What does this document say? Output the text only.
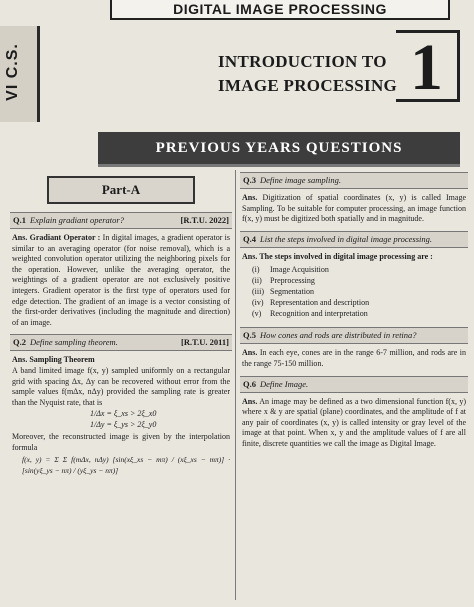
DIGITAL IMAGE PROCESSING
VI C.S.	INTRODUCTION TO
IMAGE PROCESSING 1
PREVIOUS YEARS QUESTIONS
Part-A
Q.1 Explain gradiant operator?	[R.T.U. 2022]
Ans. Gradiant Operator : In digital images, a gradient operator is similar to an averaging operator (for noise removal), which is a weighted convolution operator utilizing the neighboring pixels for the operation. However, unlike the averaging operator, the weightings of a gradient operator are not exclusively positive integers. Gradient operator is the first type of operators used for edge detection. The gradient of an image is a vector consisting of the first-order derivatives (including the magnitude and direction) of an image.
Q.2 Define sampling theorem.	[R.T.U. 2011]
Ans. Sampling Theorem
A band limited image f(x, y) sampled uniformly on a rectangular grid with spacing Δx, Δy can be recovered without error from the sample values f(mΔx, nΔy) provided the sampling rate is greater than the Nyquist rate, that is
1/Δx = ξ_xs > 2ξ_x0
1/Δy = ξ_ys > 2ξ_y0
Moreover, the reconstructed image is given by the interpolation formula
f(x, y) = Σ Σ f(mΔx, nΔy) [sin(xξ_xs − mπ) / (xξ_xs − mπ)] · [sin(yξ_ys − nπ) / (yξ_ys − nπ)]
Q.3 Define image sampling.
Ans. Digitization of spatial coordinates (x, y) is called Image Sampling. To be suitable for computer processing, an image function f(x, y) must be digitized both spatially and in magnitude.
Q.4 List the steps involved in digital image processing.
Ans. The steps involved in digital image processing are :
(i) Image Acquisition
(ii) Preprocessing
(iii) Segmentation
(iv) Representation and description
(v) Recognition and interpretation
Q.5 How cones and rods are distributed in retina?
Ans. In each eye, cones are in the range 6-7 million, and rods are in the range 75-150 million.
Q.6 Define Image.
Ans. An image may be defined as a two dimensional function f(x, y) where x & y are spatial (plane) coordinates, and the amplitude of f at any pair of coordinates (x, y) is called intensity or gray level of the image at that point. When x, y and the amplitude values of f are all finite, discrete quantities we call the image as Digital Image.
